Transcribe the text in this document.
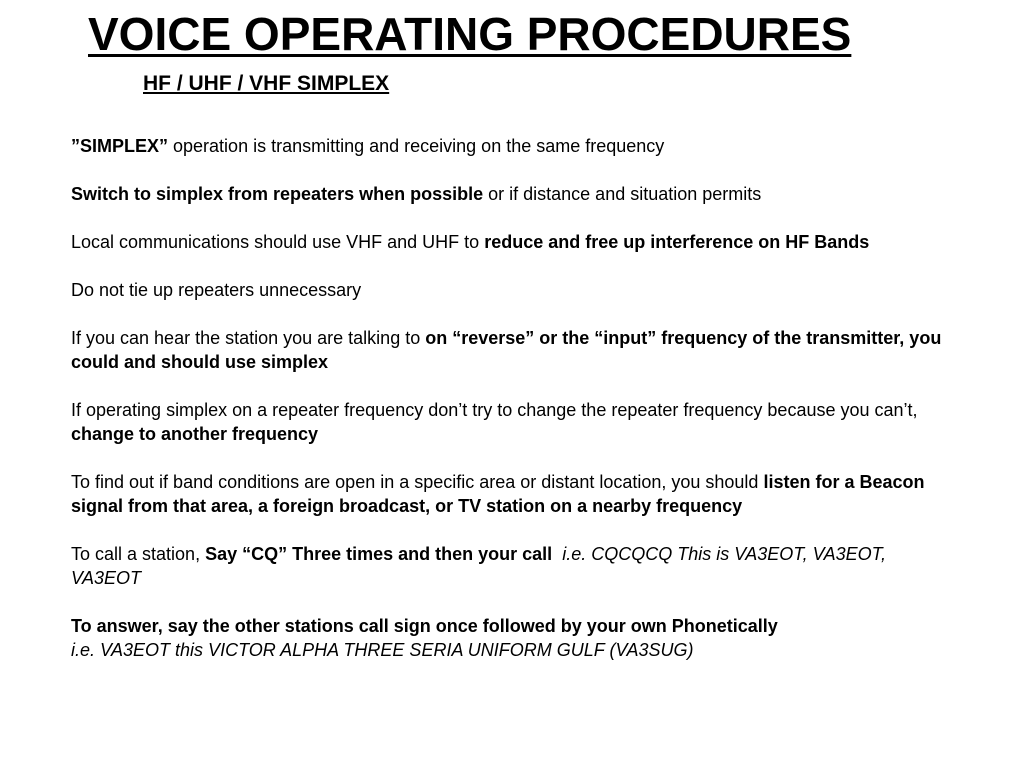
VOICE OPERATING PROCEDURES
HF / UHF / VHF SIMPLEX

”SIMPLEX” operation is transmitting and receiving on the same frequency

Switch to simplex from repeaters when possible or if distance and situation permits

Local communications should use VHF and UHF to reduce and free up interference on HF Bands

Do not tie up repeaters unnecessary

If you can hear the station you are talking to on “reverse” or the “input” frequency of the transmitter, you could and should use simplex

If operating simplex on a repeater frequency don’t try to change the repeater frequency because you can’t, change to another frequency

To find out if band conditions are open in a specific area or distant location, you should listen for a Beacon signal from that area, a foreign broadcast, or TV station on a nearby frequency

To call a station, Say “CQ” Three times and then your call i.e. CQCQCQ This is VA3EOT, VA3EOT, VA3EOT

To answer, say the other stations call sign once followed by your own Phonetically
i.e. VA3EOT this VICTOR ALPHA THREE SERIA UNIFORM GULF (VA3SUG)
